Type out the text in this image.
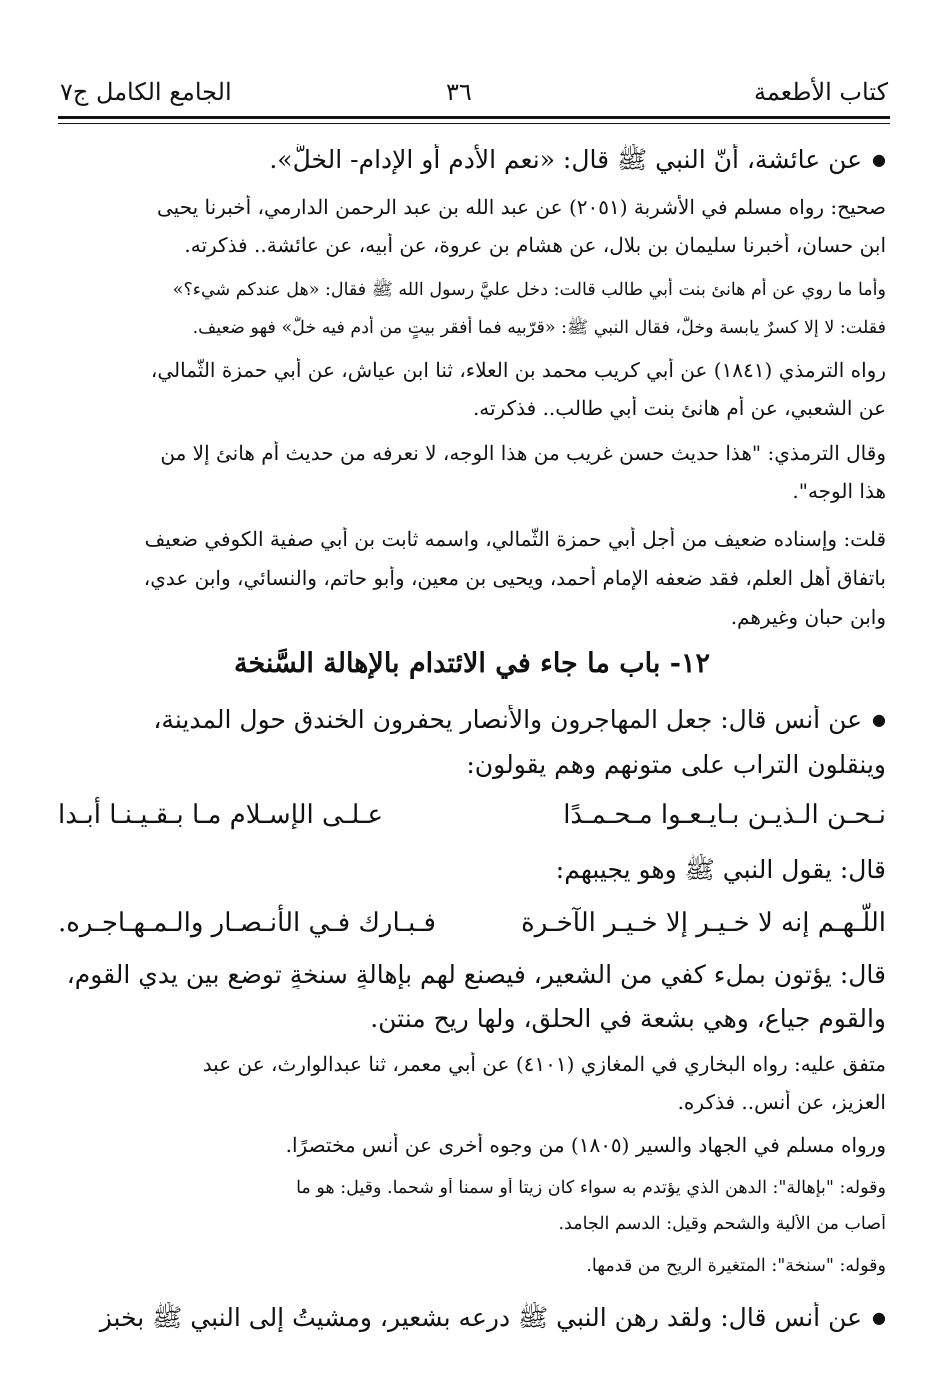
كتاب الأطعمة
٣٦
الجامع الكامل ج٧
● عن عائشة، أنّ النبي ﷺ قال: «نعم الأدم أو الإدام- الخلُّ».
صحيح: رواه مسلم في الأشربة (٢٠٥١) عن عبد الله بن عبد الرحمن الدارمي، أخبرنا يحيى
ابن حسان، أخبرنا سليمان بن بلال، عن هشام بن عروة، عن أبيه، عن عائشة.. فذكرته.
وأما ما روي عن أم هانئ بنت أبي طالب قالت: دخل عليَّ رسول الله ﷺ فقال: «هل عندكم شيء؟»
فقلت: لا إلا كسرٌ يابسة وخلٌّ، فقال النبي ﷺ: «قرّبيه فما أفقر بيتٍ من أدم فيه خلٌّ» فهو ضعيف.
رواه الترمذي (١٨٤١) عن أبي كريب محمد بن العلاء، ثنا ابن عياش، عن أبي حمزة الثُّمالي،
عن الشعبي، عن أم هانئ بنت أبي طالب.. فذكرته.
وقال الترمذي: "هذا حديث حسن غريب من هذا الوجه، لا نعرفه من حديث أم هانئ إلا من
هذا الوجه".
قلت: وإسناده ضعيف من أجل أبي حمزة الثُّمالي، واسمه ثابت بن أبي صفية الكوفي ضعيف
باتفاق أهل العلم، فقد ضعفه الإمام أحمد، ويحيى بن معين، وأبو حاتم، والنسائي، وابن عدي،
وابن حبان وغيرهم.
١٢- باب ما جاء في الائتدام بالإهالة السَّنخة
● عن أنس قال: جعل المهاجرون والأنصار يحفرون الخندق حول المدينة،
وينقلون التراب على متونهم وهم يقولون:
نـحـن الـذيـن بـايـعـوا مـحـمـدًا
عـلـى الإسـلام مـا بـقـيـنـا أبـدا
قال: يقول النبي ﷺ وهو يجيبهم:
اللّـهـم إنه لا خـيـر إلا خـيـر الآخـرة
فـبـارك فـي الأنـصـار والـمـهـاجـره.
قال: يؤتون بملء كفي من الشعير، فيصنع لهم بإهالةٍ سنخةٍ توضع بين يدي القوم،
والقوم جياع، وهي بشعة في الحلق، ولها ريح منتن.
متفق عليه: رواه البخاري في المغازي (٤١٠١) عن أبي معمر، ثنا عبدالوارث، عن عبد
العزيز، عن أنس.. فذكره.
ورواه مسلم في الجهاد والسير (١٨٠٥) من وجوه أخرى عن أنس مختصرًا.
وقوله: "بإهالة": الدهن الذي يؤتدم به سواء كان زيتا أو سمنا أو شحما. وقيل: هو ما
أصاب من الألية والشحم وقيل: الدسم الجامد.
وقوله: "سنخة": المتغيرة الريح من قدمها.
● عن أنس قال: ولقد رهن النبي ﷺ درعه بشعير، ومشيتُ إلى النبي ﷺ بخبز
